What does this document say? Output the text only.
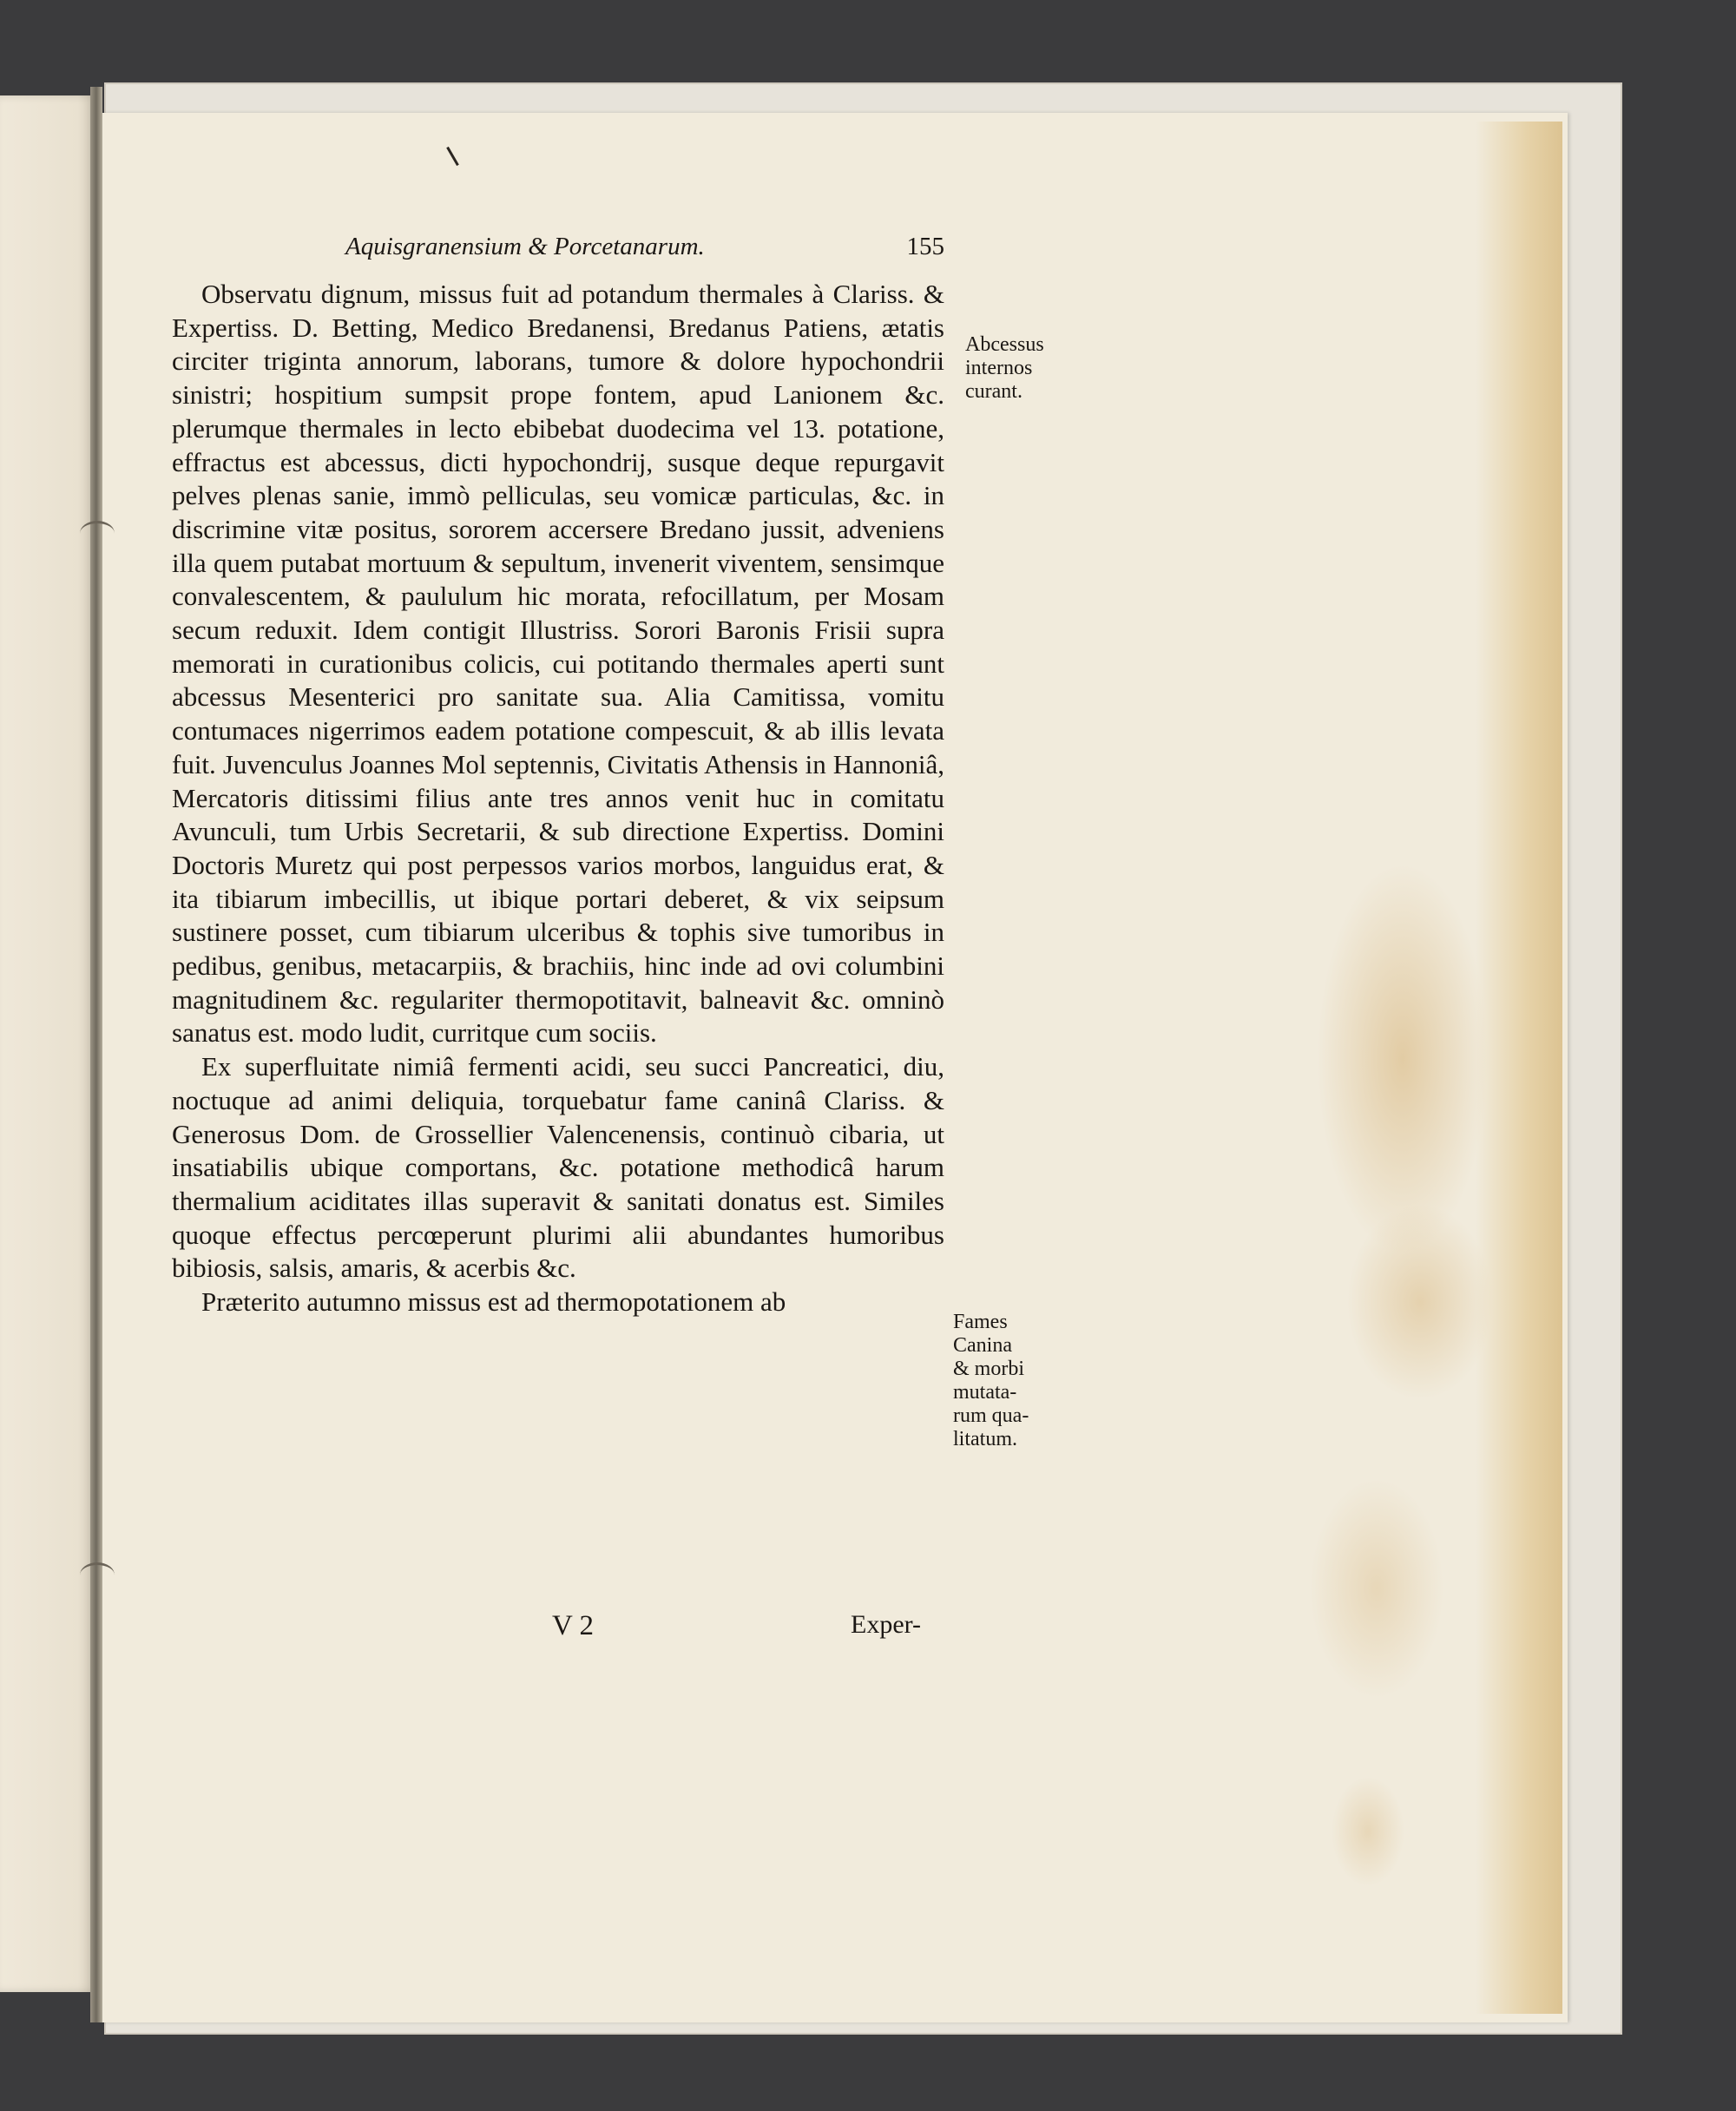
Aquisgranensium & Porcetanarum.	155

Observatu dignum, missus fuit ad potandum thermales à Clariss. & Expertiss. D. Betting, Medico Bredanensi, Bredanus Patiens, ætatis circiter triginta annorum, laborans, tumore & dolore hypochondrii sinistri; hospitium sumpsit prope fontem, apud Lanionem &c. plerumque thermales in lecto ebibebat duodecima vel 13. potatione, effractus est abcessus, dicti hypochondrij, susque deque repurgavit pelves plenas sanie, immò pelliculas, seu vomicæ particulas, &c. in discrimine vitæ positus, sororem accersere Bredano jussit, adveniens illa quem putabat mortuum & sepultum, invenerit viventem, sensimque convalescentem, & paululum hic morata, refocillatum, per Mosam secum reduxit. Idem contigit Illustriss. Sorori Baronis Frisii supra memorati in curationibus colicis, cui potitando thermales aperti sunt abcessus Mesenterici pro sanitate sua. Alia Camitissa, vomitu contumaces nigerrimos eadem potatione compescuit, & ab illis levata fuit. Juvenculus Joannes Mol septennis, Civitatis Athensis in Hannoniâ, Mercatoris ditissimi filius ante tres annos venit huc in comitatu Avunculi, tum Urbis Secretarii, & sub directione Expertiss. Domini Doctoris Muretz qui post perpessos varios morbos, languidus erat, & ita tibiarum imbecillis, ut ibique portari deberet, & vix seipsum sustinere posset, cum tibiarum ulceribus & tophis sive tumoribus in pedibus, genibus, metacarpiis, & brachiis, hinc inde ad ovi columbini magnitudinem &c. regulariter thermopotitavit, balneavit &c. omninò sanatus est. modo ludit, curritque cum sociis.

Ex superfluitate nimiâ fermenti acidi, seu succi Pancreatici, diu, noctuque ad animi deliquia, torquebatur fame caninâ Clariss. & Generosus Dom. de Grossellier Valencenensis, continuò cibaria, ut insatiabilis ubique comportans, &c. potatione methodicâ harum thermalium aciditates illas superavit & sanitati donatus est. Similes quoque effectus percœperunt plurimi alii abundantes humoribus bibiosis, salsis, amaris, & acerbis &c.

Præterito autumno missus est ad thermopotationem ab

Abcessus
internos
curant.
Fames
Canina
& morbi
mutata-
rum qua-
litatum.
V 2	Exper-
